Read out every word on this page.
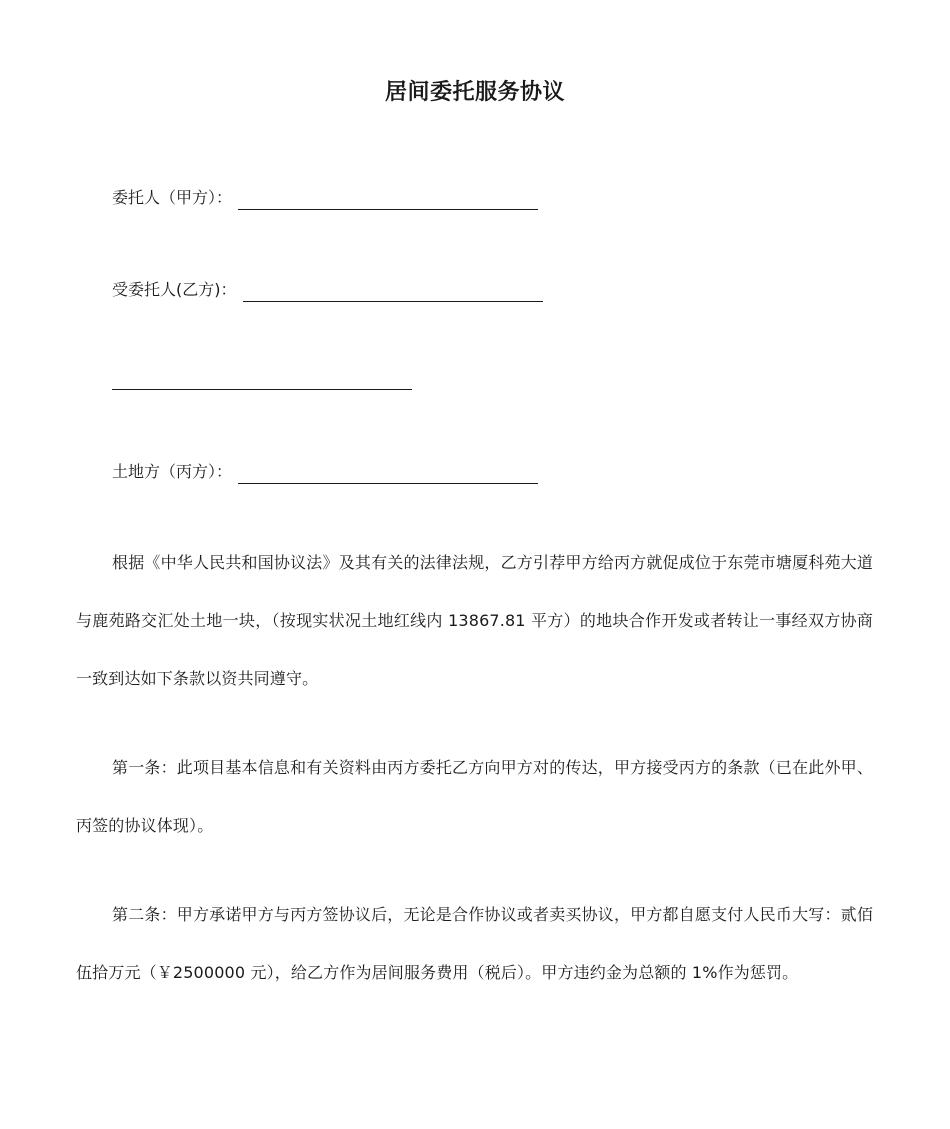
居间委托服务协议
委托人（甲方）：
受委托人(乙方)：
土地方（丙方）：

根据《中华人民共和国协议法》及其有关的法律法规，乙方引荐甲方给丙方就促成位于东莞市塘厦科苑大道与鹿苑路交汇处土地一块，（按现实状况土地红线内 13867.81 平方）的地块合作开发或者转让一事经双方协商一致到达如下条款以资共同遵守。

第一条：此项目基本信息和有关资料由丙方委托乙方向甲方对的传达，甲方接受丙方的条款（已在此外甲、丙签的协议体现）。

第二条：甲方承诺甲方与丙方签协议后，无论是合作协议或者卖买协议，甲方都自愿支付人民币大写：贰佰伍拾万元（￥2500000 元），给乙方作为居间服务费用（税后）。甲方违约金为总额的 1%作为惩罚。
